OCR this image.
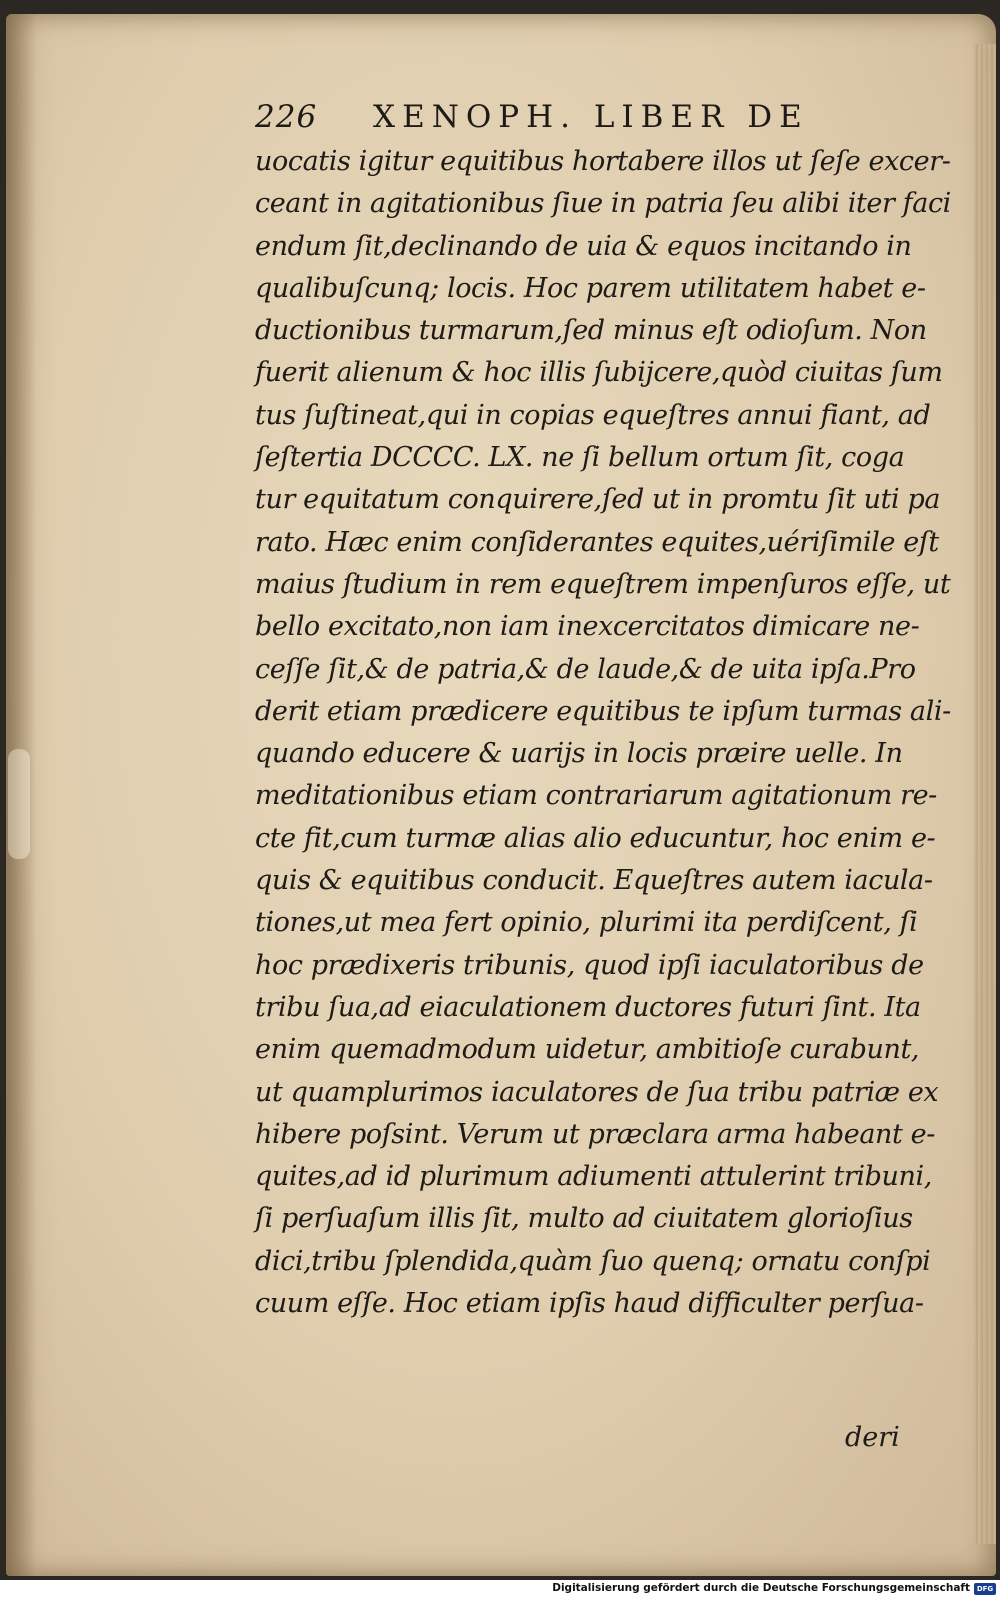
226 XENOPH. LIBER DE
uocatis igitur equitibus hortabere illos ut ſeſe excer-
ceant in agitationibus ſiue in patria ſeu alibi iter faci
endum ſit,declinando de uia & equos incitando in
qualibuſcunq; locis. Hoc parem utilitatem habet e-
ductionibus turmarum,ſed minus eſt odioſum. Non
fuerit alienum & hoc illis ſubijcere,quòd ciuitas ſum
tus ſuſtineat,qui in copias equeſtres annui fiant, ad
ſeſtertia DCCCC. LX. ne ſi bellum ortum ſit, coga
tur equitatum conquirere,ſed ut in promtu ſit uti pa
rato. Hæc enim conſiderantes equites,uériſimile eſt
maius ſtudium in rem equeſtrem impenſuros eſſe, ut
bello excitato,non iam inexcercitatos dimicare ne-
ceſſe ſit,& de patria,& de laude,& de uita ipſa.Pro
derit etiam prædicere equitibus te ipſum turmas ali-
quando educere & uarijs in locis præire uelle. In
meditationibus etiam contrariarum agitationum re-
cte fit,cum turmæ alias alio educuntur, hoc enim e-
quis & equitibus conducit. Equeſtres autem iacula-
tiones,ut mea fert opinio, plurimi ita perdiſcent, ſi
hoc prædixeris tribunis, quod ipſi iaculatoribus de
tribu ſua,ad eiaculationem ductores futuri ſint. Ita
enim quemadmodum uidetur, ambitioſe curabunt,
ut quamplurimos iaculatores de ſua tribu patriæ ex
hibere poſsint. Verum ut præclara arma habeant e-
quites,ad id plurimum adiumenti attulerint tribuni,
ſi perſuaſum illis ſit, multo ad ciuitatem glorioſius
dici,tribu ſplendida,quàm ſuo quenq; ornatu conſpi
cuum eſſe. Hoc etiam ipſis haud difficulter perſua-
deri
Digitalisierung gefördert durch die Deutsche Forschungsgemeinschaft DFG
